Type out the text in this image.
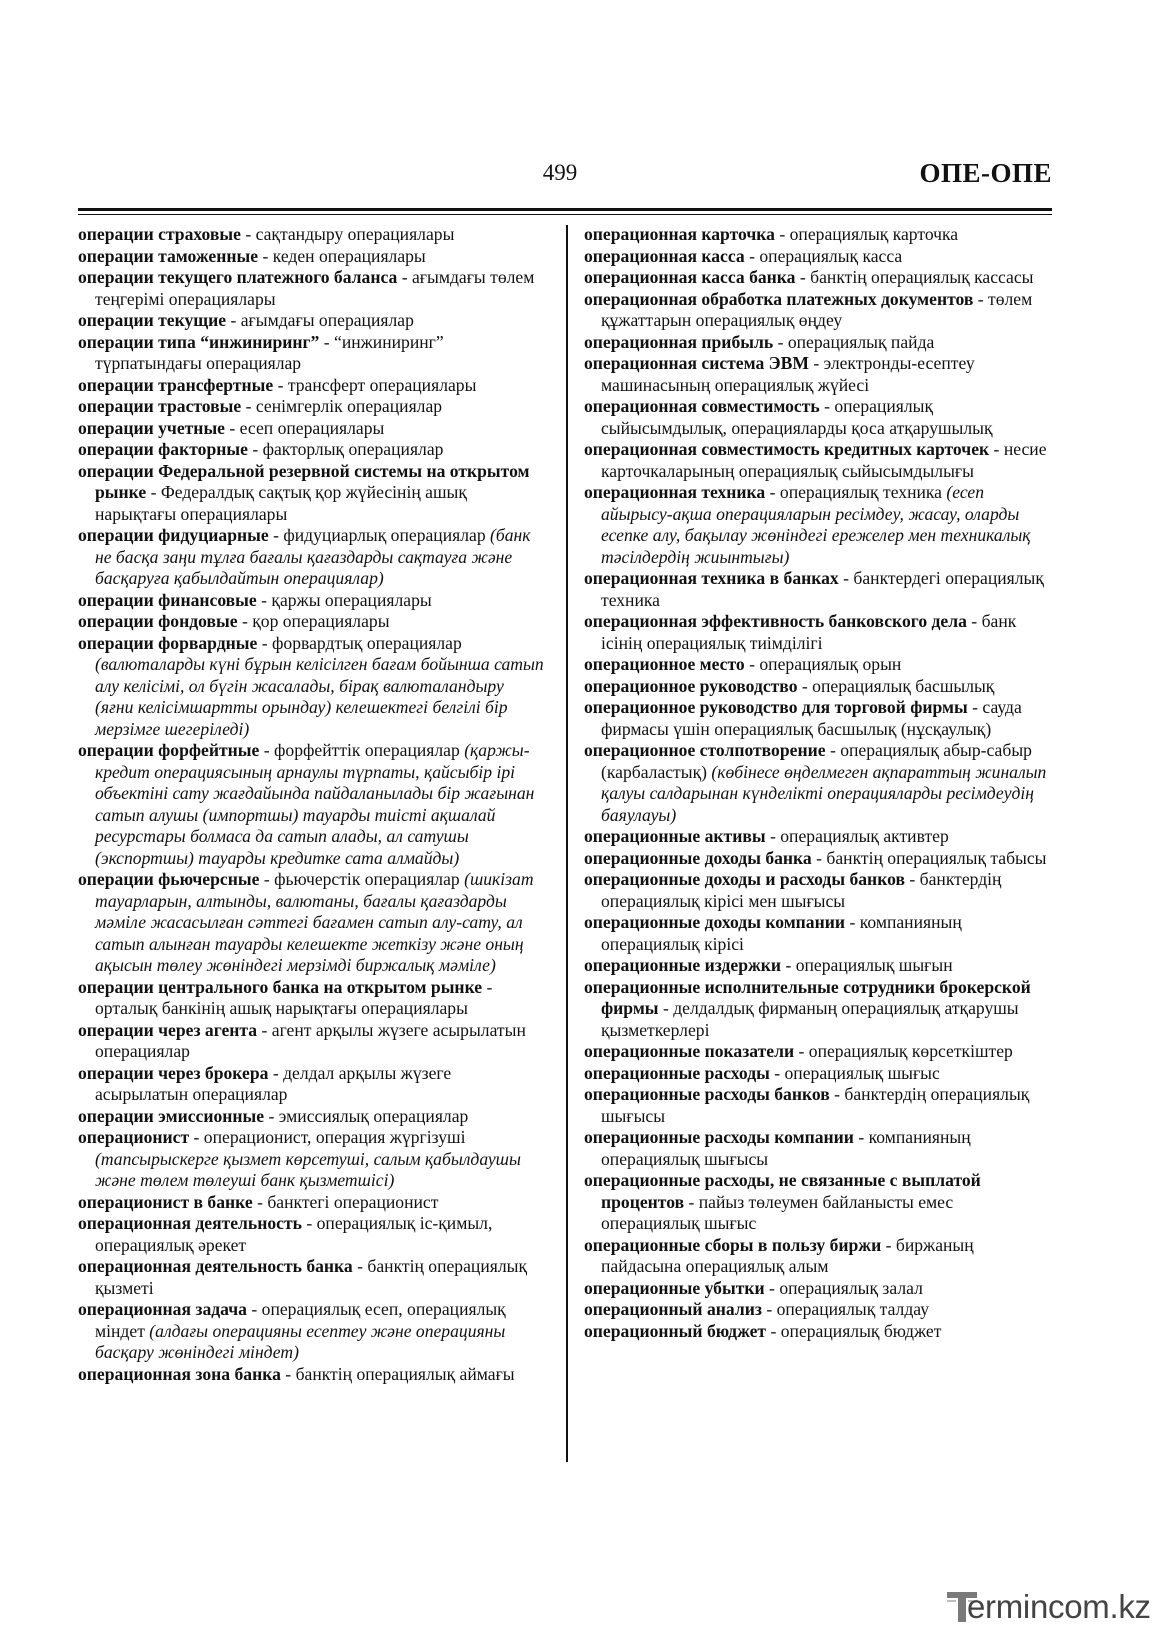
499	ОПЕ-ОПЕ

операции страховые - сақтандыру операциялары

операции таможенные - кеден операциялары

операции текущего платежного баланса - ағымдағы төлем теңгерімі операциялары

операции текущие - ағымдағы операциялар

операции типа “инжиниринг” - “инжиниринг” түрпатындағы операциялар

операции трансфертные - трансферт операциялары

операции трастовые - сенімгерлік операциялар

операции учетные - есеп операциялары

операции факторные - факторлық операциялар

операции Федеральной резервной системы на открытом рынке - Федералдық сақтық қор жүйесінің ашық нарықтағы операциялары

операции фидуциарные - фидуциарлық операциялар (банк не басқа заңи тұлға бағалы қағаздарды сақтауға және басқаруға қабылдайтын операциялар)

операции финансовые - қаржы операциялары

операции фондовые - қор операциялары

операции форвардные - форвардтық операциялар (валюталарды күні бұрын келісілген бағам бойынша сатып алу келісімі, ол бүгін жасалады, бірақ валюталандыру (яғни келісімшартты орындау) келешектегі белгілі бір мерзімге шегеріледі)

операции форфейтные - форфейттік операциялар (қаржы-кредит операциясының арнаулы түрпаты, қайсыбір ірі объектіні сату жағдайында пайдаланылады бір жағынан сатып алушы (импортшы) тауарды тиісті ақшалай ресурстары болмаса да сатып алады, ал сатушы (экспортшы) тауарды кредитке сата алмайды)

операции фьючерсные - фьючерстік операциялар (шикізат тауарларын, алтынды, валютаны, бағалы қағаздарды мәміле жасасылған сәттегі бағамен сатып алу-сату, ал сатып алынған тауарды келешекте жеткізу және оның ақысын төлеу жөніндегі мерзімді биржалық мәміле)

операции центрального банка на открытом рынке - орталық банкінің ашық нарықтағы операциялары

операции через агента - агент арқылы жүзеге асырылатын операциялар

операции через брокера - делдал арқылы жүзеге асырылатын операциялар

операции эмиссионные - эмиссиялық операциялар

операционист - операционист, операция жүргізуші (тапсырыскерге қызмет көрсетуші, салым қабылдаушы және төлем төлеуші банк қызметшісі)

операционист в банке - банктегі операционист

операционная деятельность - операциялық іс-қимыл, операциялық әрекет

операционная деятельность банка - банктің операциялық қызметі

операционная задача - операциялық есеп, операциялық міндет (алдағы операцияны есептеу және операцияны басқару жөніндегі міндет)

операционная зона банка - банктің операциялық аймағы

операционная карточка - операциялық карточка

операционная касса - операциялық касса

операционная касса банка - банктің операциялық кассасы

операционная обработка платежных документов - төлем құжаттарын операциялық өңдеу

операционная прибыль - операциялық пайда

операционная система ЭВМ - электронды-есептеу машинасының операциялық жүйесі

операционная совместимость - операциялық сыйысымдылық, операцияларды қоса атқарушылық

операционная совместимость кредитных карточек - несие карточкаларының операциялық сыйысымдылығы

операционная техника - операциялық техника (есеп айырысу-ақша операцияларын ресімдеу, жасау, оларды есепке алу, бақылау жөніндегі ережелер мен техникалық тәсілдердің жиынтығы)

операционная техника в банках - банктердегі операциялық техника

операционная эффективность банковского дела - банк ісінің операциялық тиімділігі

операционное место - операциялық орын

операционное руководство - операциялық басшылық

операционное руководство для торговой фирмы - сауда фирмасы үшін операциялық басшылық (нұсқаулық)

операционное столпотворение - операциялық абыр-сабыр (карбаластық) (көбінесе өңделмеген ақпараттың жиналып қалуы салдарынан күнделікті операцияларды ресімдеудің баяулауы)

операционные активы - операциялық активтер

операционные доходы банка - банктің операциялық табысы

операционные доходы и расходы банков - банктердің операциялық кірісі мен шығысы

операционные доходы компании - компанияның операциялық кірісі

операционные издержки - операциялық шығын

операционные исполнительные сотрудники брокерской фирмы - делдалдық фирманың операциялық атқарушы қызметкерлері

операционные показатели - операциялық көрсеткіштер

операционные расходы - операциялық шығыс

операционные расходы банков - банктердің операциялық шығысы

операционные расходы компании - компанияның операциялық шығысы

операционные расходы, не связанные с выплатой процентов - пайыз төлеумен байланысты емес операциялық шығыс

операционные сборы в пользу биржи - биржаның пайдасына операциялық алым

операционные убытки - операциялық залал

операционный анализ - операциялық талдау

операционный бюджет - операциялық бюджет

ermincom.kz
